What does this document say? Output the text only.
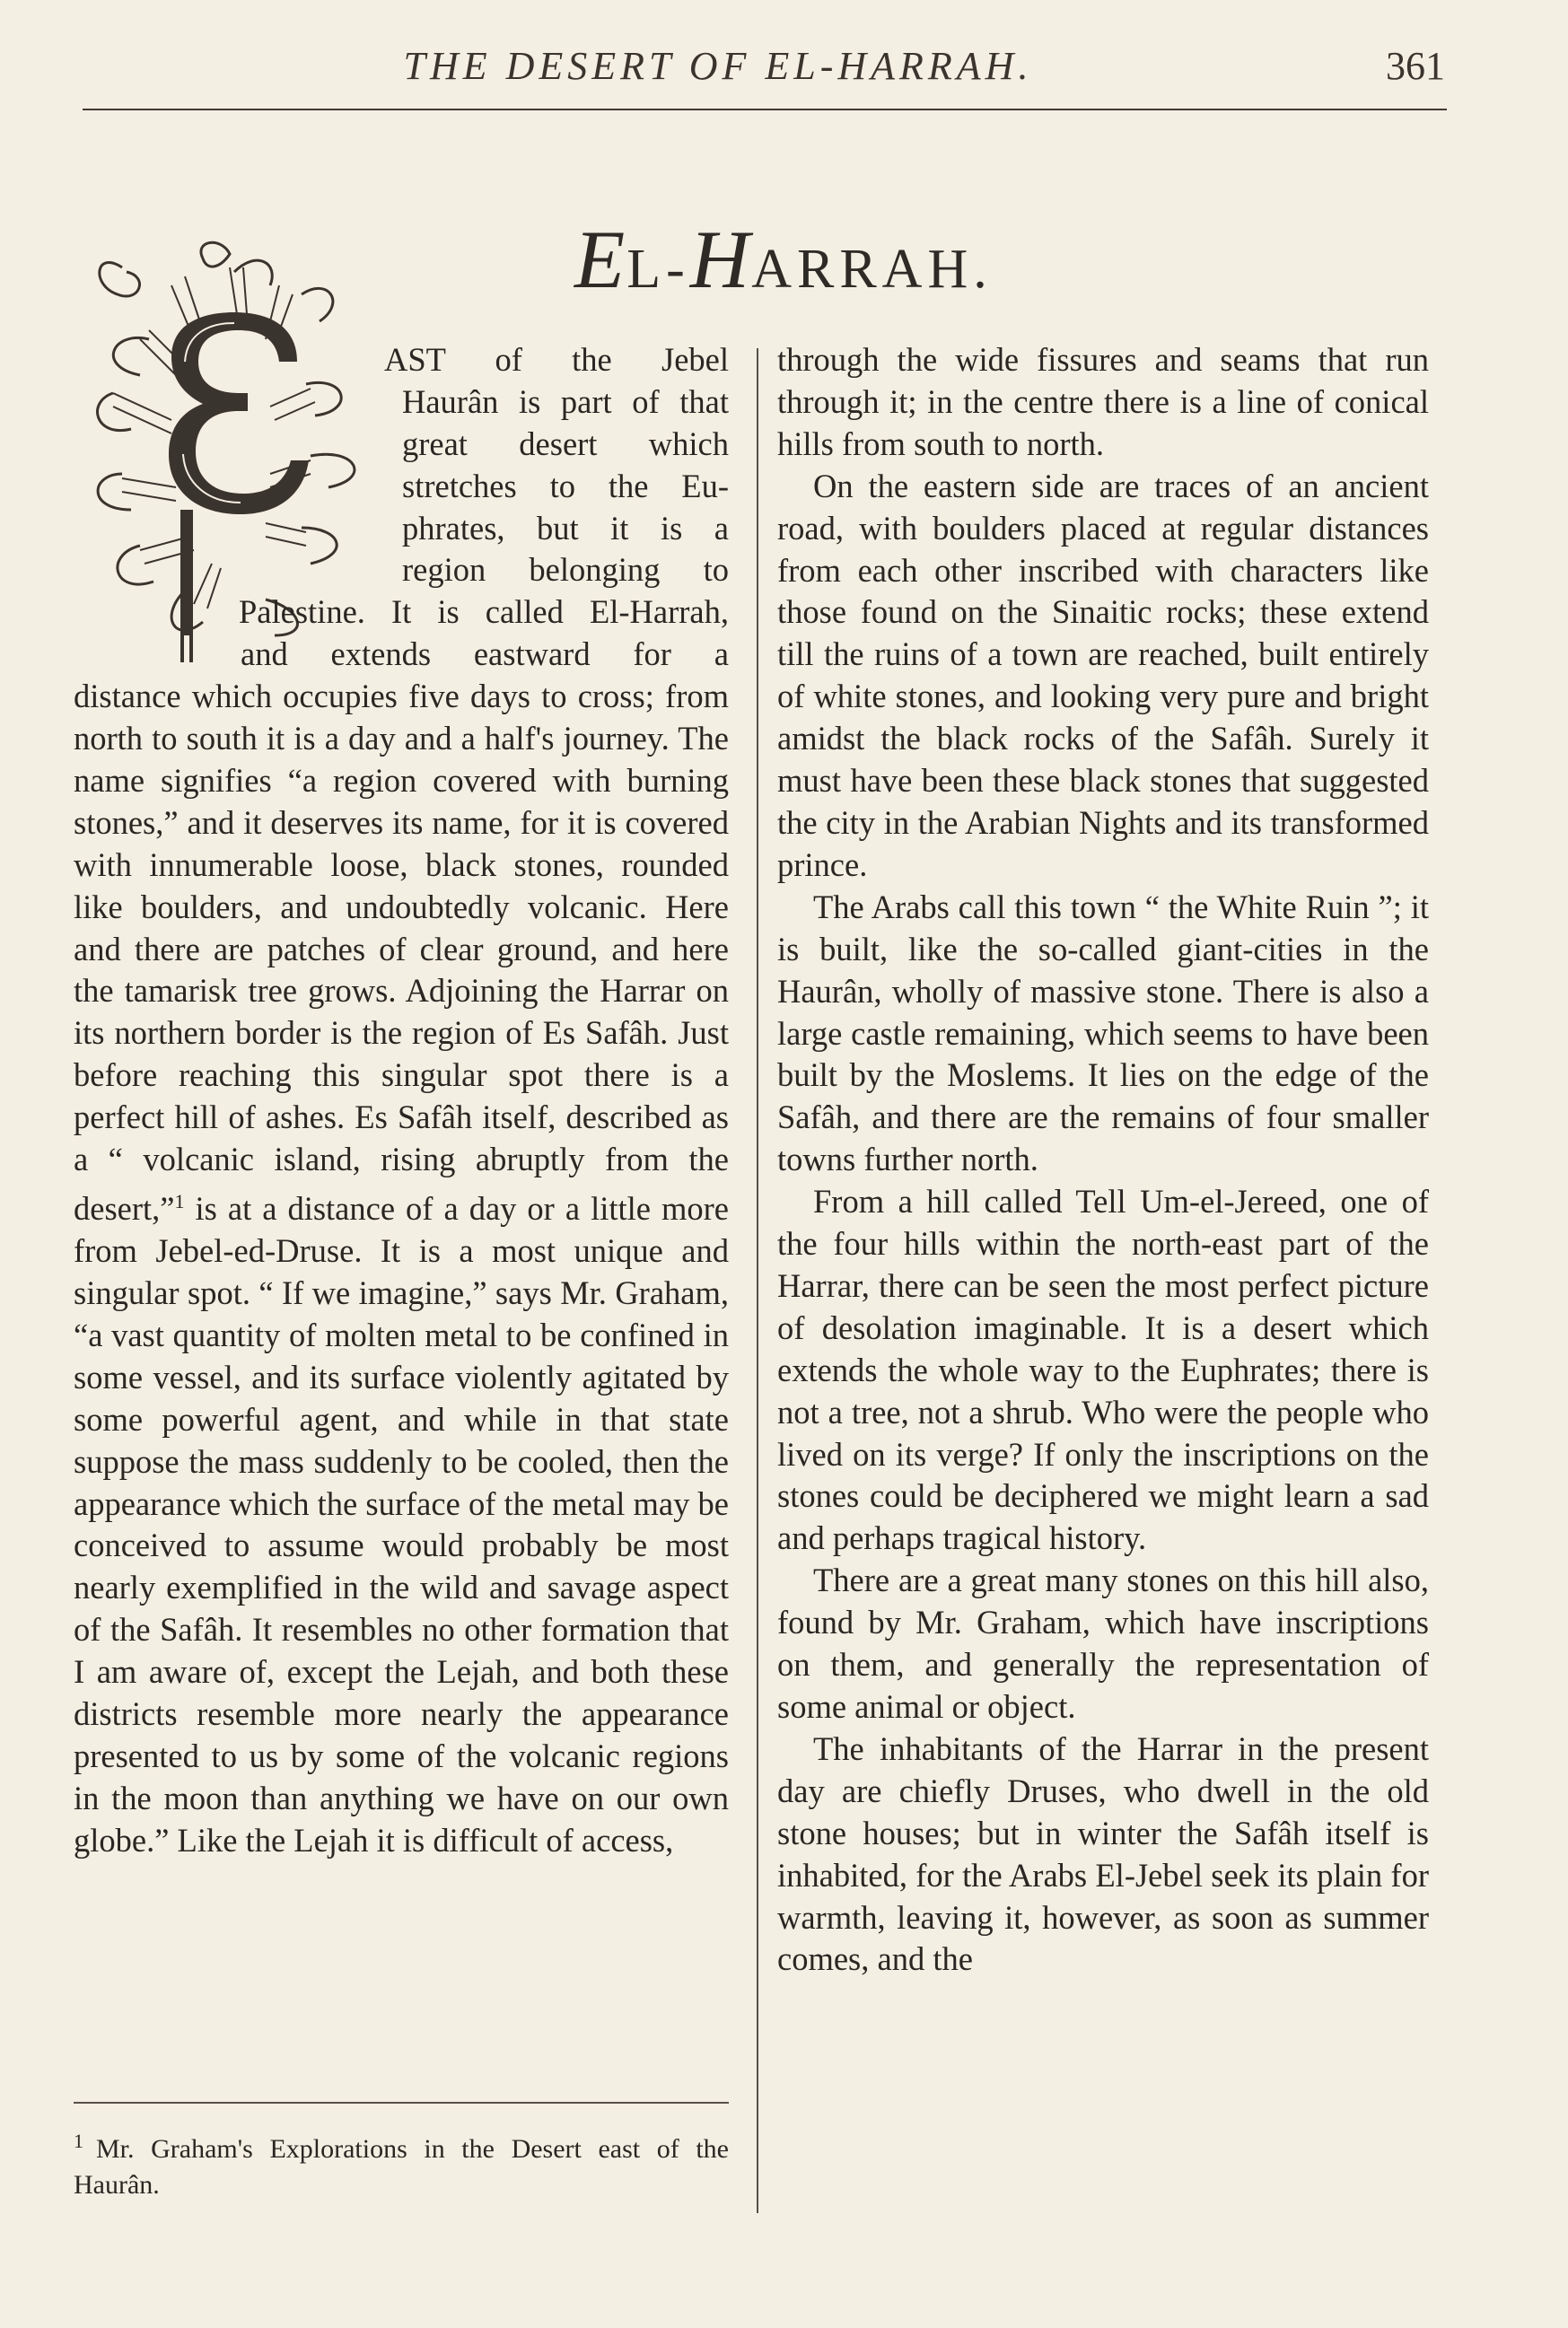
THE DESERT OF EL-HARRAH.	361
EL-HARRAH.
AST of the Jebel
Haurân is part of that
great desert which
stretches to the Eu-
phrates, but it is a
region belonging to
Palestine. It is called El-Harrah,
and extends eastward for a

distance which occupies five days to cross; from north to south it is a day and a half's journey. The name signifies “a region covered with burning stones,” and it deserves its name, for it is covered with innumerable loose, black stones, rounded like boulders, and undoubtedly volcanic. Here and there are patches of clear ground, and here the tamarisk tree grows. Adjoining the Harrar on its northern border is the region of Es Safâh. Just before reaching this singular spot there is a perfect hill of ashes. Es Safâh itself, described as a “ volcanic island, rising abruptly from the desert,”$^1$ is at a distance of a day or a little more from Jebel-ed-Druse. It is a most unique and singular spot. “ If we imagine,” says Mr. Graham, “a vast quantity of molten metal to be confined in some vessel, and its surface violently agitated by some powerful agent, and while in that state suppose the mass suddenly to be cooled, then the appearance which the surface of the metal may be conceived to assume would probably be most nearly exemplified in the wild and savage aspect of the Safâh. It resembles no other formation that I am aware of, except the Lejah, and both these districts resemble more nearly the appearance presented to us by some of the volcanic regions in the moon than anything we have on our own globe.” Like the Lejah it is difficult of access,

through the wide fissures and seams that run through it; in the centre there is a line of conical hills from south to north.

On the eastern side are traces of an ancient road, with boulders placed at regular distances from each other inscribed with characters like those found on the Sinaitic rocks; these extend till the ruins of a town are reached, built entirely of white stones, and looking very pure and bright amidst the black rocks of the Safâh. Surely it must have been these black stones that suggested the city in the Arabian Nights and its transformed prince.

The Arabs call this town “ the White Ruin ”; it is built, like the so-called giant-cities in the Haurân, wholly of massive stone. There is also a large castle remaining, which seems to have been built by the Moslems. It lies on the edge of the Safâh, and there are the remains of four smaller towns further north.

From a hill called Tell Um-el-Jereed, one of the four hills within the north-east part of the Harrar, there can be seen the most perfect picture of desolation imaginable. It is a desert which extends the whole way to the Euphrates; there is not a tree, not a shrub. Who were the people who lived on its verge? If only the inscriptions on the stones could be deciphered we might learn a sad and perhaps tragical history.

There are a great many stones on this hill also, found by Mr. Graham, which have inscriptions on them, and generally the representation of some animal or object.

The inhabitants of the Harrar in the present day are chiefly Druses, who dwell in the old stone houses; but in winter the Safâh itself is inhabited, for the Arabs El-Jebel seek its plain for warmth, leaving it, however, as soon as summer comes, and the

$^1$ Mr. Graham's Explorations in the Desert east of the Haurân.
